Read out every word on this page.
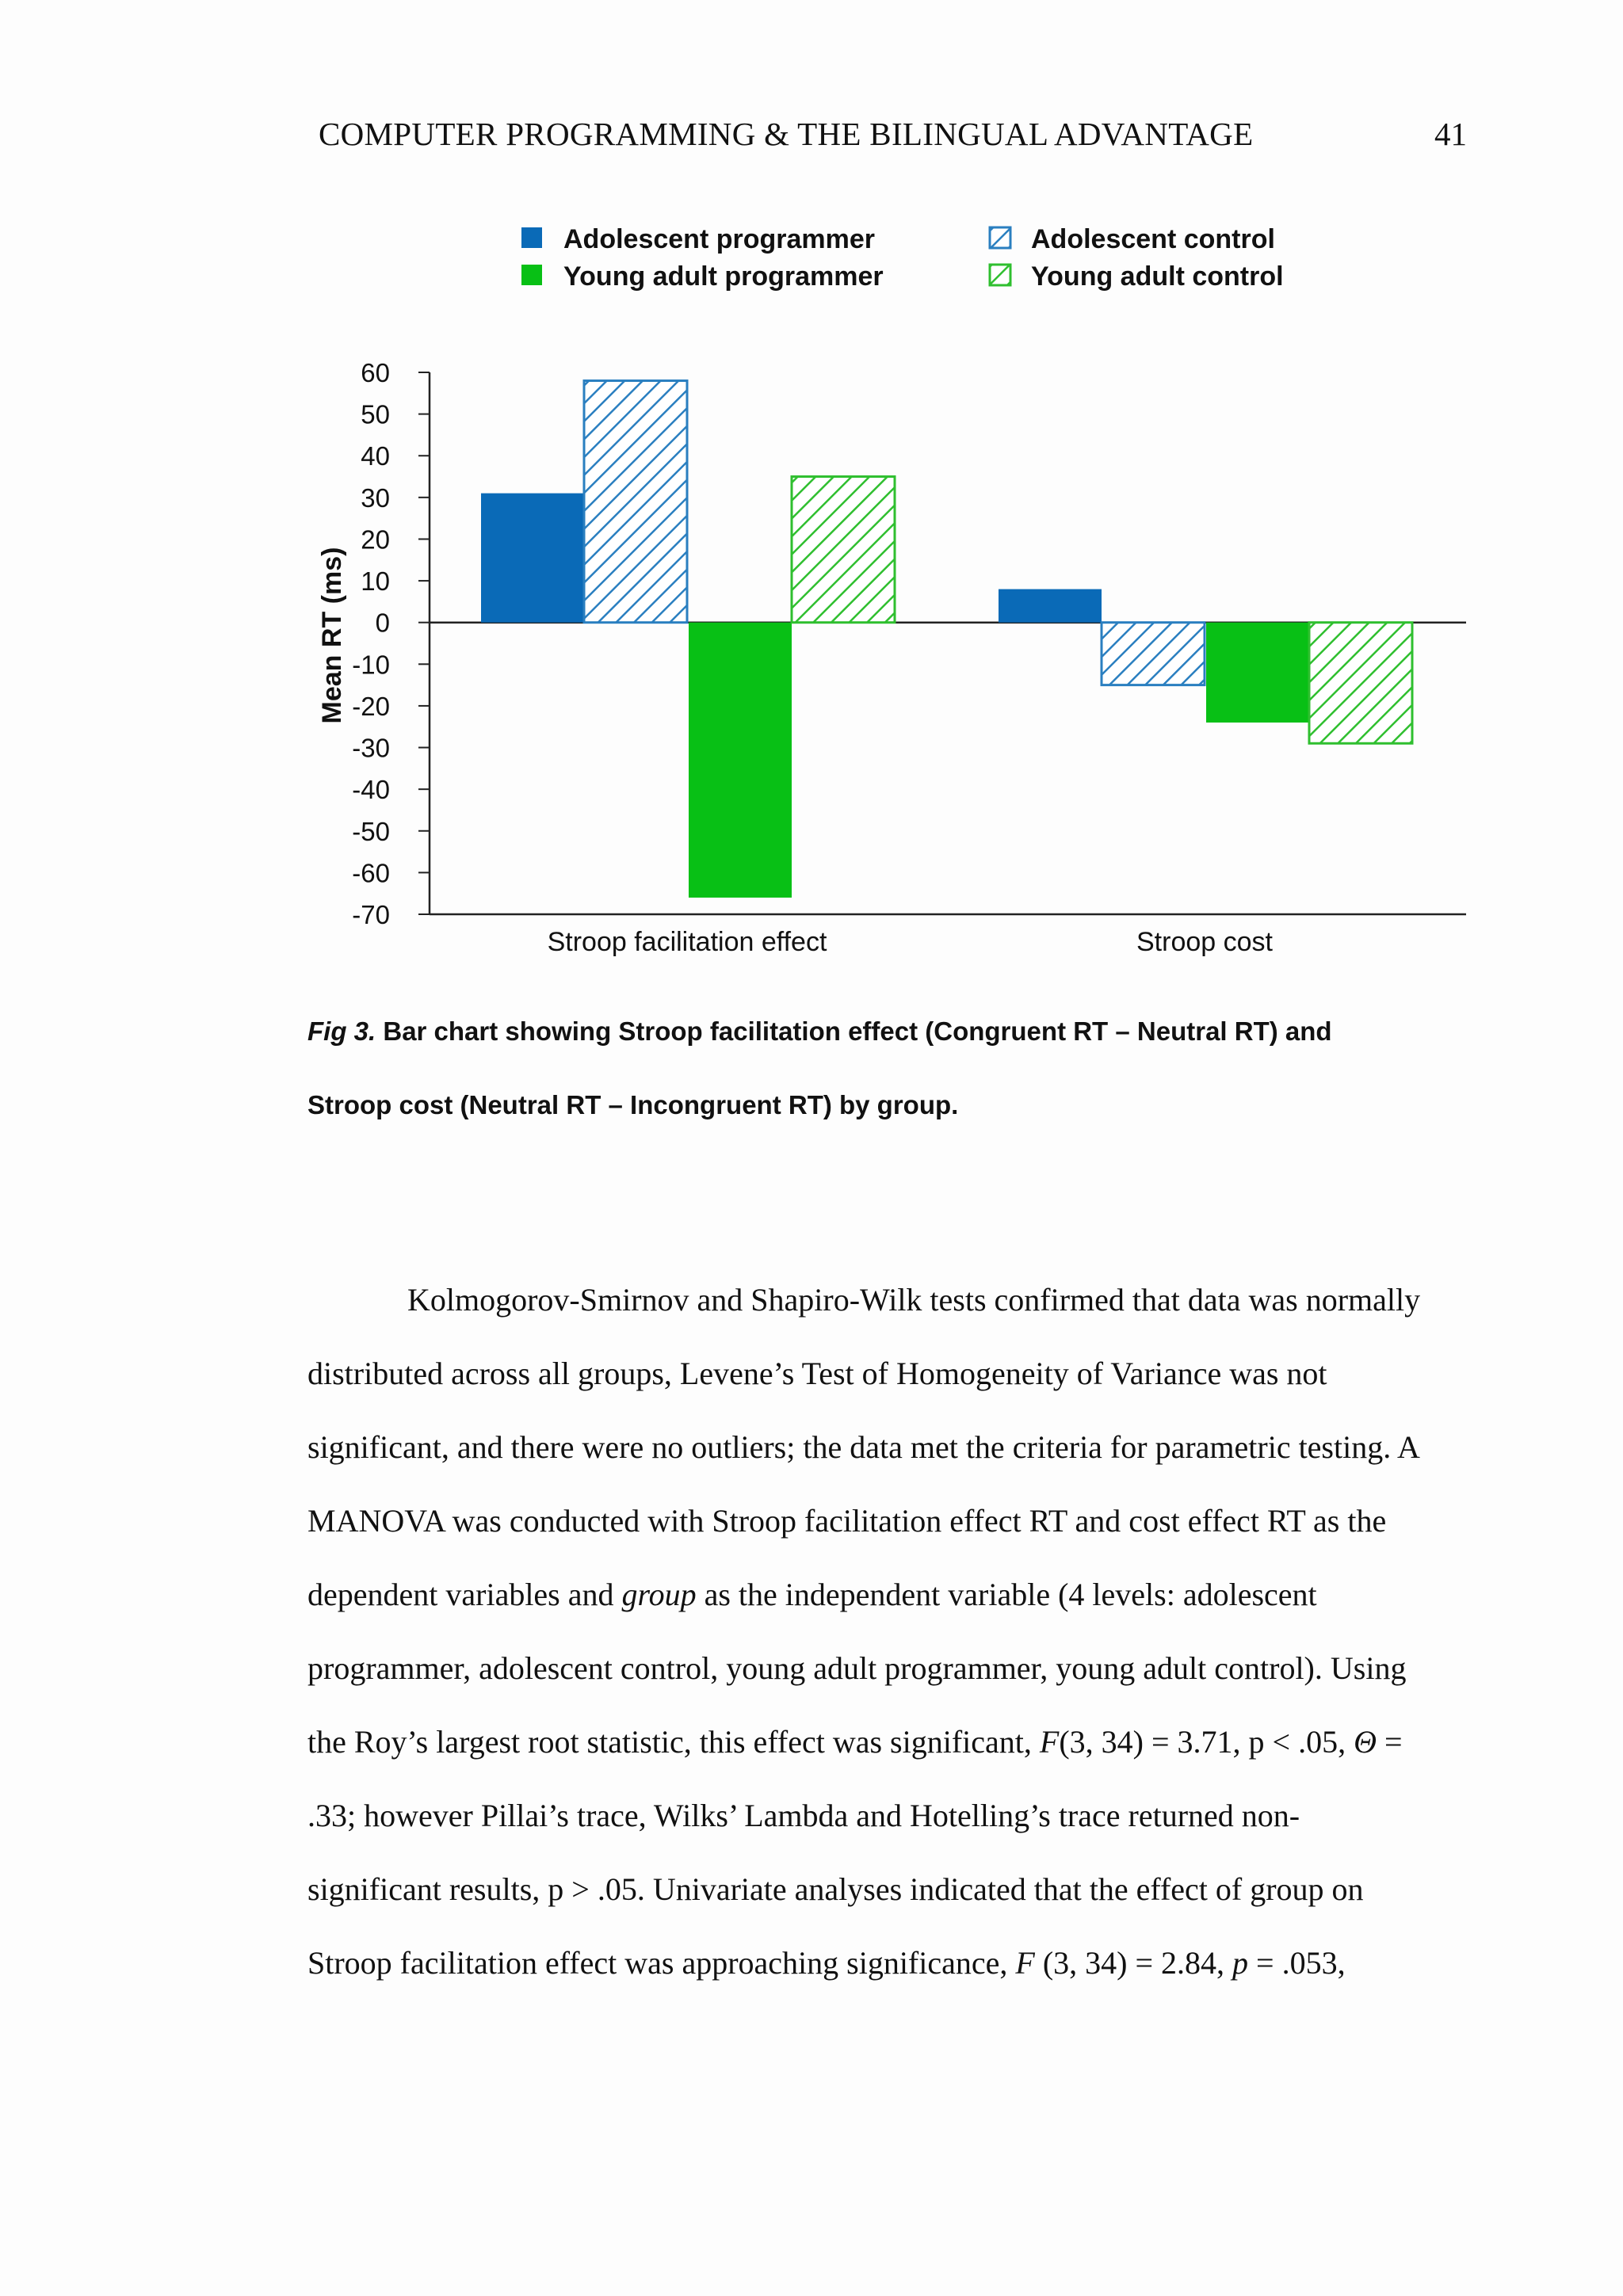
COMPUTER PROGRAMMING & THE BILINGUAL ADVANTAGE	41
Adolescent programmer	Adolescent control
Young adult programmer	Young adult control
60
50
40
30
20
10
0
-10
-20
-30
-40
-50
-60
-70
Mean RT (ms)
Stroop facilitation effect	Stroop cost
Fig 3. Bar chart showing Stroop facilitation effect (Congruent RT – Neutral RT) and
Stroop cost (Neutral RT – Incongruent RT) by group.
Kolmogorov-Smirnov and Shapiro-Wilk tests confirmed that data was normally
distributed across all groups, Levene’s Test of Homogeneity of Variance was not
significant, and there were no outliers; the data met the criteria for parametric testing. A
MANOVA was conducted with Stroop facilitation effect RT and cost effect RT as the
dependent variables and group as the independent variable (4 levels: adolescent
programmer, adolescent control, young adult programmer, young adult control). Using
the Roy’s largest root statistic, this effect was significant, F(3, 34) = 3.71, p < .05, Θ =
.33; however Pillai’s trace, Wilks’ Lambda and Hotelling’s trace returned non-
significant results, p > .05. Univariate analyses indicated that the effect of group on
Stroop facilitation effect was approaching significance, F (3, 34) = 2.84, p = .053,
